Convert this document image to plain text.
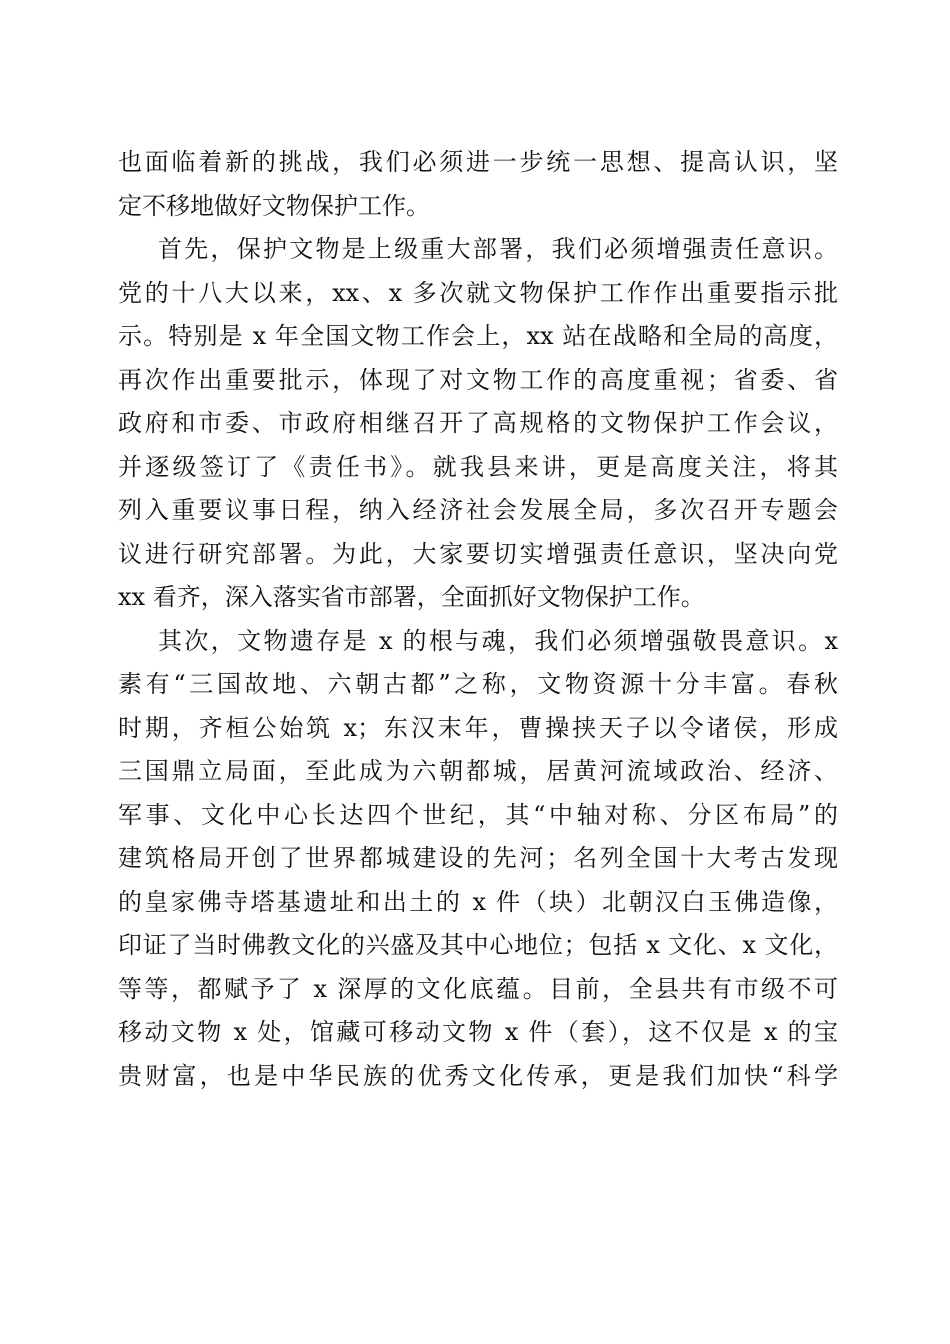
也面临着新的挑战，我们必须进一步统一思想、提高认识，坚
定不移地做好文物保护工作。
首先，保护文物是上级重大部署，我们必须增强责任意识。
党的十八大以来，xx、x 多次就文物保护工作作出重要指示批
示。特别是 x 年全国文物工作会上，xx 站在战略和全局的高度，
再次作出重要批示，体现了对文物工作的高度重视；省委、省
政府和市委、市政府相继召开了高规格的文物保护工作会议，
并逐级签订了《责任书》。就我县来讲，更是高度关注，将其
列入重要议事日程，纳入经济社会发展全局，多次召开专题会
议进行研究部署。为此，大家要切实增强责任意识，坚决向党
xx 看齐，深入落实省市部署，全面抓好文物保护工作。
其次，文物遗存是 x 的根与魂，我们必须增强敬畏意识。x
素有“三国故地、六朝古都”之称，文物资源十分丰富。春秋
时期，齐桓公始筑 x；东汉末年，曹操挟天子以令诸侯，形成
三国鼎立局面，至此成为六朝都城，居黄河流域政治、经济、
军事、文化中心长达四个世纪，其“中轴对称、分区布局”的
建筑格局开创了世界都城建设的先河；名列全国十大考古发现
的皇家佛寺塔基遗址和出土的 x 件（块）北朝汉白玉佛造像，
印证了当时佛教文化的兴盛及其中心地位；包括 x 文化、x 文化，
等等，都赋予了 x 深厚的文化底蕴。目前，全县共有市级不可
移动文物 x 处，馆藏可移动文物 x 件（套），这不仅是 x 的宝
贵财富，也是中华民族的优秀文化传承，更是我们加快“科学
